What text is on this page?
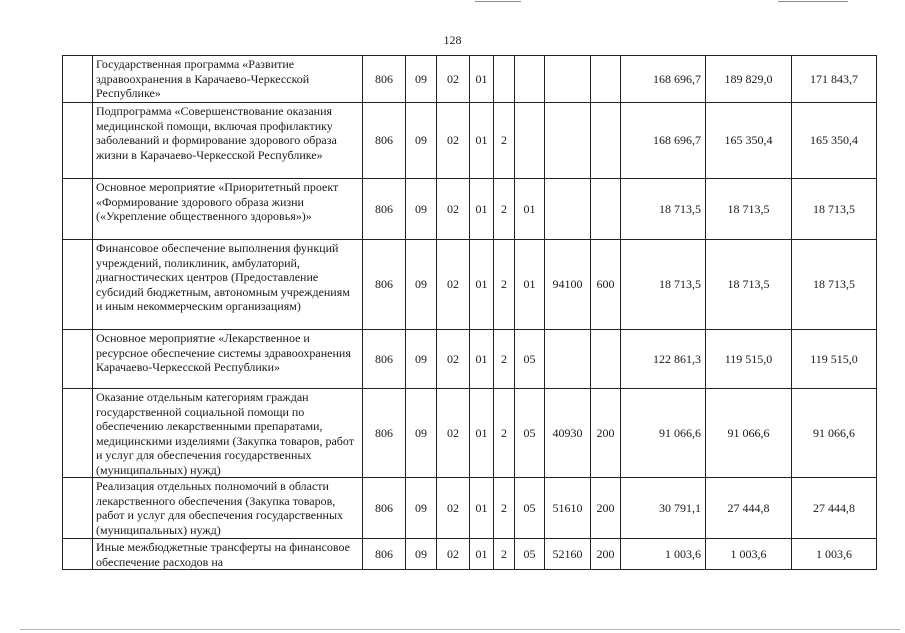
128
	Государственная программа «Развитие здравоохранения в Карачаево-Черкесской Республике»	806	09	02	01					168 696,7	189 829,0	171 843,7
	Подпрограмма «Совершенствование оказания медицинской помощи, включая профилактику заболеваний и формирование здорового образа жизни в Карачаево-Черкесской Республике»	806	09	02	01	2				168 696,7	165 350,4	165 350,4
	Основное мероприятие «Приоритетный проект «Формирование здорового образа жизни («Укрепление общественного здоровья»)»	806	09	02	01	2	01			18 713,5	18 713,5	18 713,5
	Финансовое обеспечение выполнения функций учреждений, поликлиник, амбулаторий, диагностических центров (Предоставление субсидий бюджетным, автономным учреждениям и иным некоммерческим организациям)	806	09	02	01	2	01	94100	600	18 713,5	18 713,5	18 713,5
	Основное мероприятие «Лекарственное и ресурсное обеспечение системы здравоохранения Карачаево-Черкесской Республики»	806	09	02	01	2	05			122 861,3	119 515,0	119 515,0
	Оказание отдельным категориям граждан государственной социальной помощи по обеспечению лекарственными препаратами, медицинскими изделиями (Закупка товаров, работ и услуг для обеспечения государственных (муниципальных) нужд)	806	09	02	01	2	05	40930	200	91 066,6	91 066,6	91 066,6
	Реализация отдельных полномочий в области лекарственного обеспечения (Закупка товаров, работ и услуг для обеспечения государственных (муниципальных) нужд)	806	09	02	01	2	05	51610	200	30 791,1	27 444,8	27 444,8
	Иные межбюджетные трансферты на финансовое обеспечение расходов на	806	09	02	01	2	05	52160	200	1 003,6	1 003,6	1 003,6
